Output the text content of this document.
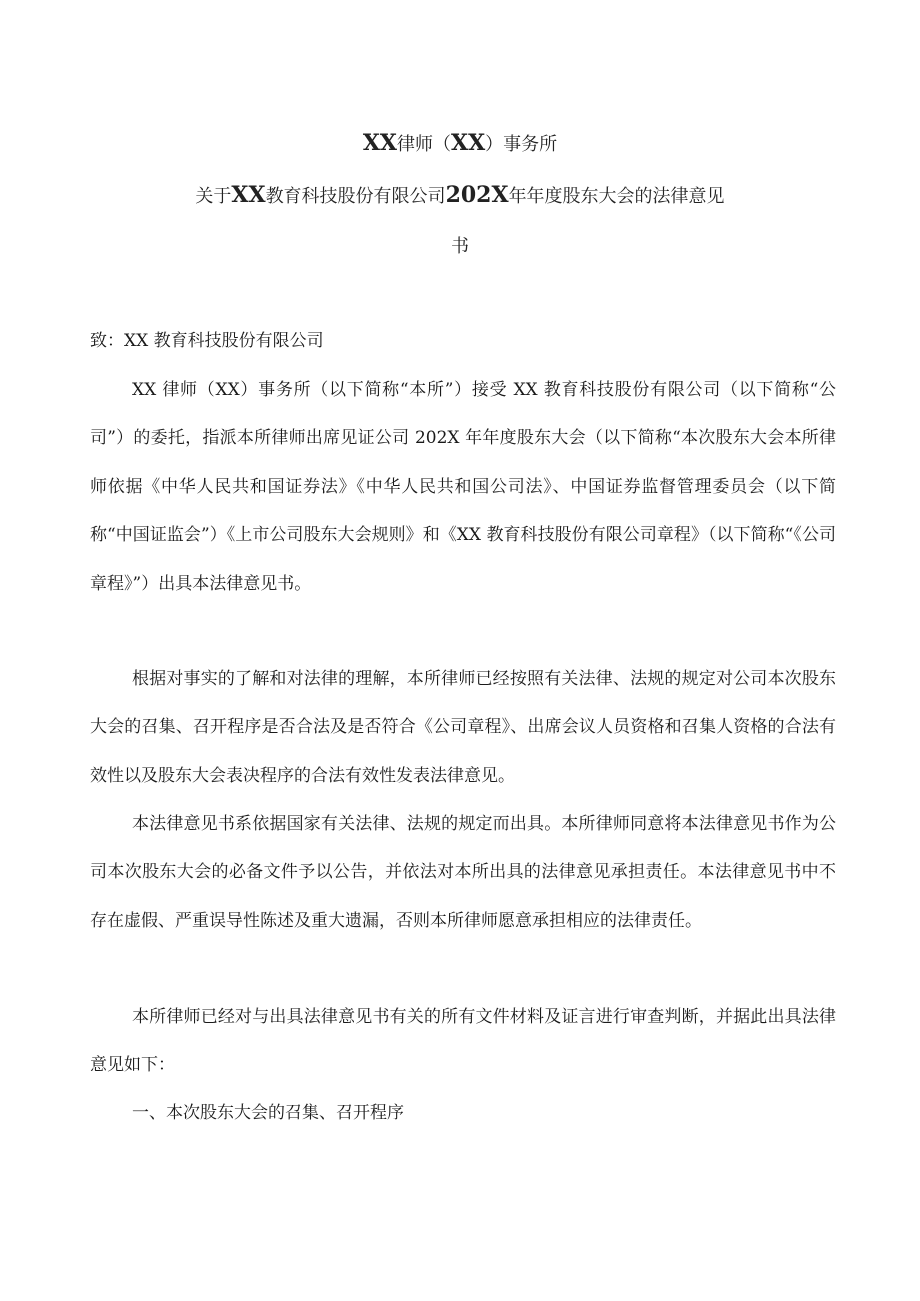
XX律师（XX）事务所
关于XX教育科技股份有限公司202X年年度股东大会的法律意见
书
致：XX 教育科技股份有限公司

XX 律师（XX）事务所（以下简称“本所”）接受 XX 教育科技股份有限公司（以下简称“公司”）的委托，指派本所律师出席见证公司 202X 年年度股东大会（以下简称“本次股东大会本所律师依据《中华人民共和国证券法》《中华人民共和国公司法》、中国证券监督管理委员会（以下简称“中国证监会”）《上市公司股东大会规则》和《XX 教育科技股份有限公司章程》（以下简称“《公司章程》”）出具本法律意见书。

根据对事实的了解和对法律的理解，本所律师已经按照有关法律、法规的规定对公司本次股东大会的召集、召开程序是否合法及是否符合《公司章程》、出席会议人员资格和召集人资格的合法有效性以及股东大会表决程序的合法有效性发表法律意见。

本法律意见书系依据国家有关法律、法规的规定而出具。本所律师同意将本法律意见书作为公司本次股东大会的必备文件予以公告，并依法对本所出具的法律意见承担责任。本法律意见书中不存在虚假、严重误导性陈述及重大遗漏，否则本所律师愿意承担相应的法律责任。

本所律师已经对与出具法律意见书有关的所有文件材料及证言进行审查判断，并据此出具法律意见如下：

一、本次股东大会的召集、召开程序
